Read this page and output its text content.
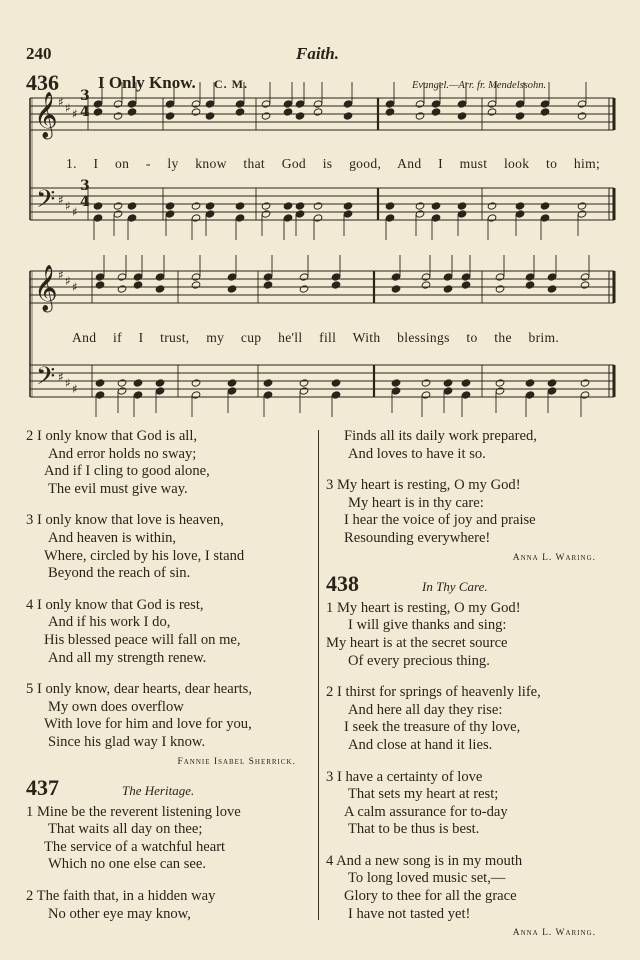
240	Faith.
436 I Only Know. C. M.	Evangel.—Arr. fr. Mendelssohn.
𝄞
𝄢
♯
♯
♯
♯
♯
♯
𝄞
𝄢
♯
♯
♯
♯
♯
♯
3
4
3
4
1. I on - ly know that God is good, And I must look to him;
And if I trust, my cup he'll fill With blessings to the brim.
2 I only know that God is all,
And error holds no sway;
And if I cling to good alone,
The evil must give way.
3 I only know that love is heaven,
And heaven is within,
Where, circled by his love, I stand
Beyond the reach of sin.
4 I only know that God is rest,
And if his work I do,
His blessed peace will fall on me,
And all my strength renew.
5 I only know, dear hearts, dear hearts,
My own does overflow
With love for him and love for you,
Since his glad way I know.
Fannie Isabel Sherrick.
437	The Heritage.
1 Mine be the reverent listening love
That waits all day on thee;
The service of a watchful heart
Which no one else can see.
2 The faith that, in a hidden way
No other eye may know,
Finds all its daily work prepared,
And loves to have it so.
3 My heart is resting, O my God!
My heart is in thy care:
I hear the voice of joy and praise
Resounding everywhere!
Anna L. Waring.
438	In Thy Care.
1 My heart is resting, O my God!
I will give thanks and sing:
My heart is at the secret source
Of every precious thing.
2 I thirst for springs of heavenly life,
And here all day they rise:
I seek the treasure of thy love,
And close at hand it lies.
3 I have a certainty of love
That sets my heart at rest;
A calm assurance for to-day
That to be thus is best.
4 And a new song is in my mouth
To long loved music set,—
Glory to thee for all the grace
I have not tasted yet!
Anna L. Waring.
